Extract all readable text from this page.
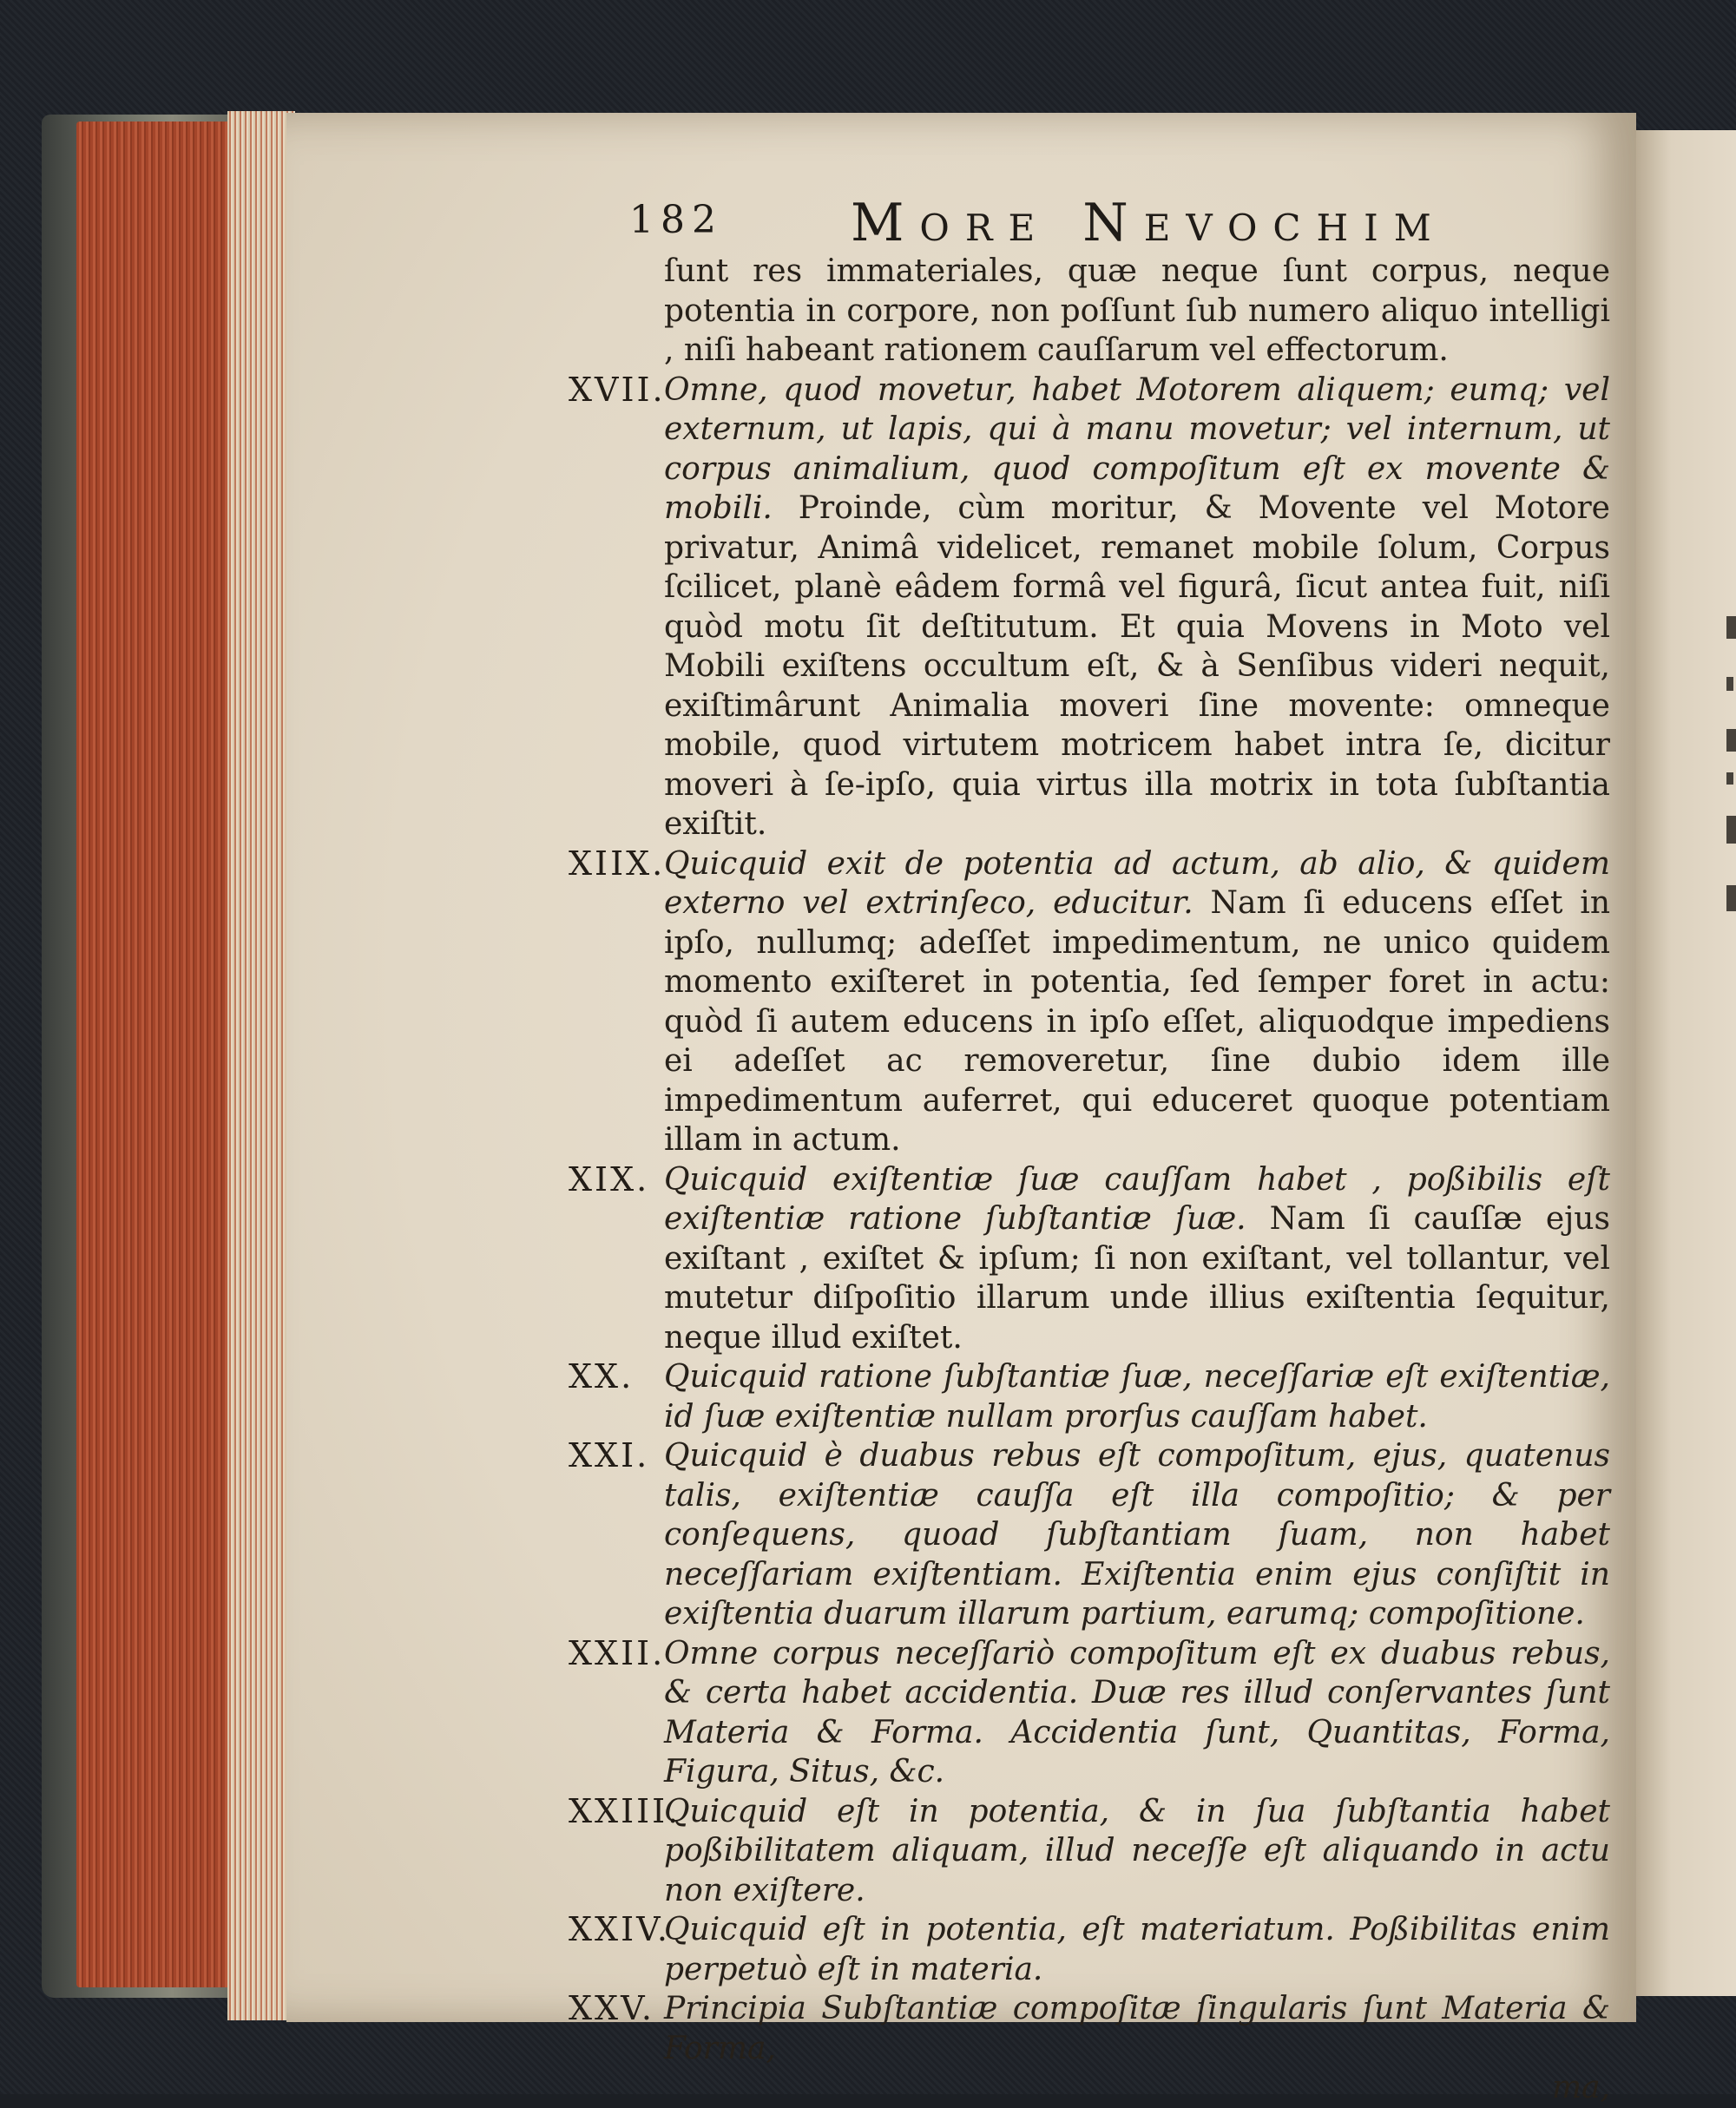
182 More Nevochim

ſunt res immateriales, quæ neque ſunt corpus, neque potentia in corpore, non poſſunt ſub numero aliquo intelligi , niſi habeant rationem cauſſarum vel effectorum.

XVII.

Omne, quod movetur, habet Motorem aliquem; eumq; vel externum, ut lapis, qui à manu movetur; vel internum, ut corpus animalium, quod compoſitum eſt ex movente & mobili. Proinde, cùm moritur, & Movente vel Motore privatur, Animâ videlicet, remanet mobile ſolum, Corpus ſcilicet, planè eâdem formâ vel figurâ, ſicut antea fuit, niſi quòd motu ſit deſtitutum. Et quia Movens in Moto vel Mobili exiſtens occultum eſt, & à Senſibus videri nequit, exiſtimârunt Animalia moveri ſine movente: omneque mobile, quod virtutem motricem habet intra ſe, dicitur moveri à ſe-ipſo, quia virtus illa motrix in tota ſubſtantia exiſtit.

XIIX.

Quicquid exit de potentia ad actum, ab alio, & quidem externo vel extrinſeco, educitur. Nam ſi educens eſſet in ipſo, nullumq; adeſſet impedimentum, ne unico quidem momento exiſteret in potentia, ſed ſemper foret in actu: quòd ſi autem educens in ipſo eſſet, aliquodque impediens ei adeſſet ac removeretur, ſine dubio idem ille impedimentum auferret, qui educeret quoque potentiam illam in actum.

XIX. Quicquid exiſtentiæ ſuæ cauſſam habet , poßibilis eſt exiſtentiæ ratione ſubſtantiæ ſuæ. Nam ſi cauſſæ ejus exiſtant , exiſtet & ipſum; ſi non exiſtant, vel tollantur, vel mutetur diſpoſitio illarum unde illius exiſtentia ſequitur, neque illud exiſtet.

XX. Quicquid ratione ſubſtantiæ ſuæ, neceſſariæ eſt exiſtentiæ, id ſuæ exiſtentiæ nullam prorſus cauſſam habet.

XXI. Quicquid è duabus rebus eſt compoſitum, ejus, quatenus talis, exiſtentiæ cauſſa eſt illa compoſitio; & per conſequens, quoad ſubſtantiam ſuam, non habet neceſſariam exiſtentiam. Exiſtentia enim ejus conſiſtit in exiſtentia duarum illarum partium, earumq; compoſitione.

XXII.

Omne corpus neceſſariò compoſitum eſt ex duabus rebus, & certa habet accidentia. Duæ res illud conſervantes ſunt Materia & Forma. Accidentia ſunt, Quantitas, Forma, Figura, Situs, &c.

XXIII.

Quicquid eſt in potentia, & in ſua ſubſtantia habet poßibilitatem aliquam, illud neceſſe eſt aliquando in actu non exiſtere.

XXIV.

Quicquid eſt in potentia, eſt materiatum. Poßibilitas enim perpetuò eſt in materia.

XXV. Principia Subſtantiæ compoſitæ ſingularis ſunt Materia & Forma,

ma,
